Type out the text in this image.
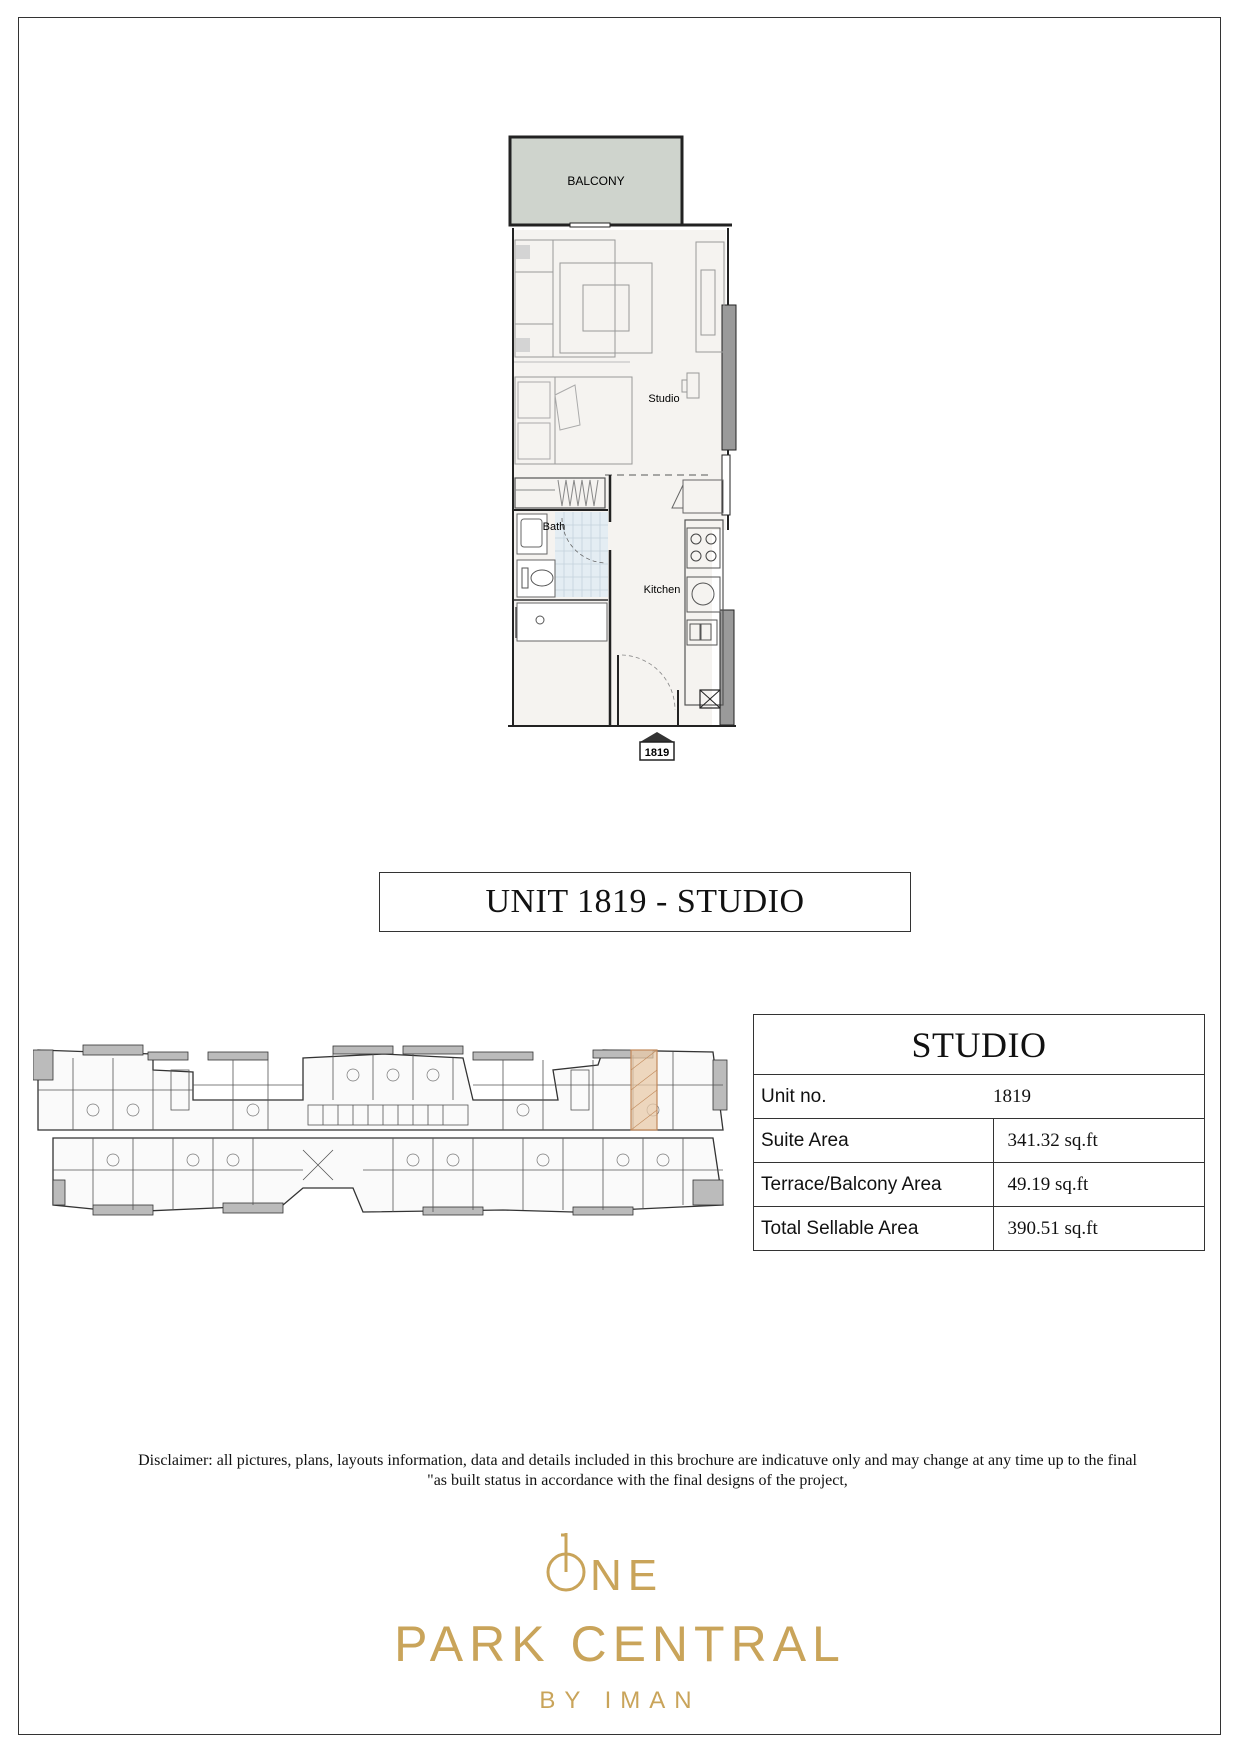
BALCONY
Studio
Bath
Kitchen
1819
UNIT 1819 - STUDIO
STUDIO	
Unit no.	1819
Suite Area	341.32 sq.ft
Terrace/Balcony Area	49.19 sq.ft
Total Sellable Area	390.51 sq.ft
Disclaimer: all pictures, plans, layouts information, data and details included in this brochure are indicatuve only and may change at any time up to the final
"as built status in accordance with the final designs of the project,
NE
PARK CENTRAL
BY IMAN
